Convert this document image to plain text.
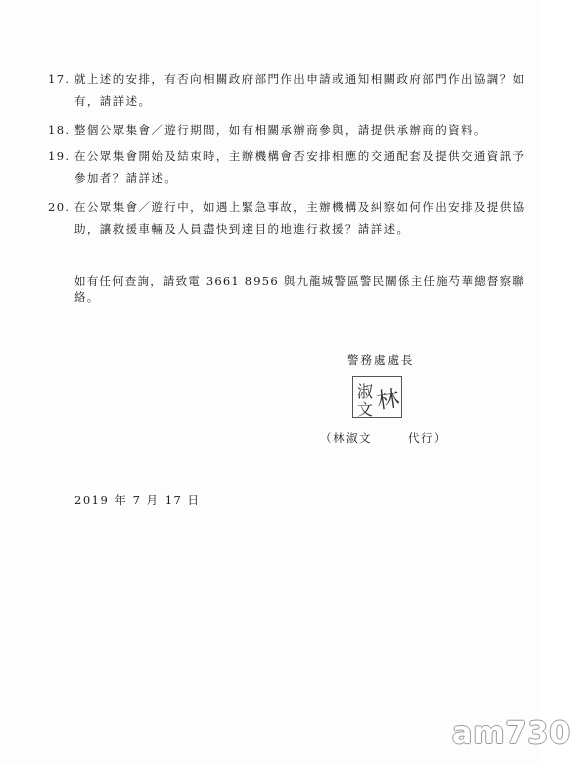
17. 就上述的安排，有否向相關政府部門作出申請或通知相關政府部門作出協調？如
有，請詳述。
18. 整個公眾集會／遊行期間，如有相關承辦商參與，請提供承辦商的資料。
19. 在公眾集會開始及結束時，主辦機構會否安排相應的交通配套及提供交通資訊予
參加者？請詳述。
20. 在公眾集會／遊行中，如遇上緊急事故，主辦機構及糾察如何作出安排及提供協
助，讓救援車輛及人員盡快到達目的地進行救援？請詳述。
如有任何查詢，請致電 3661 8956 與九龍城警區警民關係主任施芍華總督察聯絡。
警務處處長
淑
文 林
（林淑文	代行）
2019 年 7 月 17 日
am730
